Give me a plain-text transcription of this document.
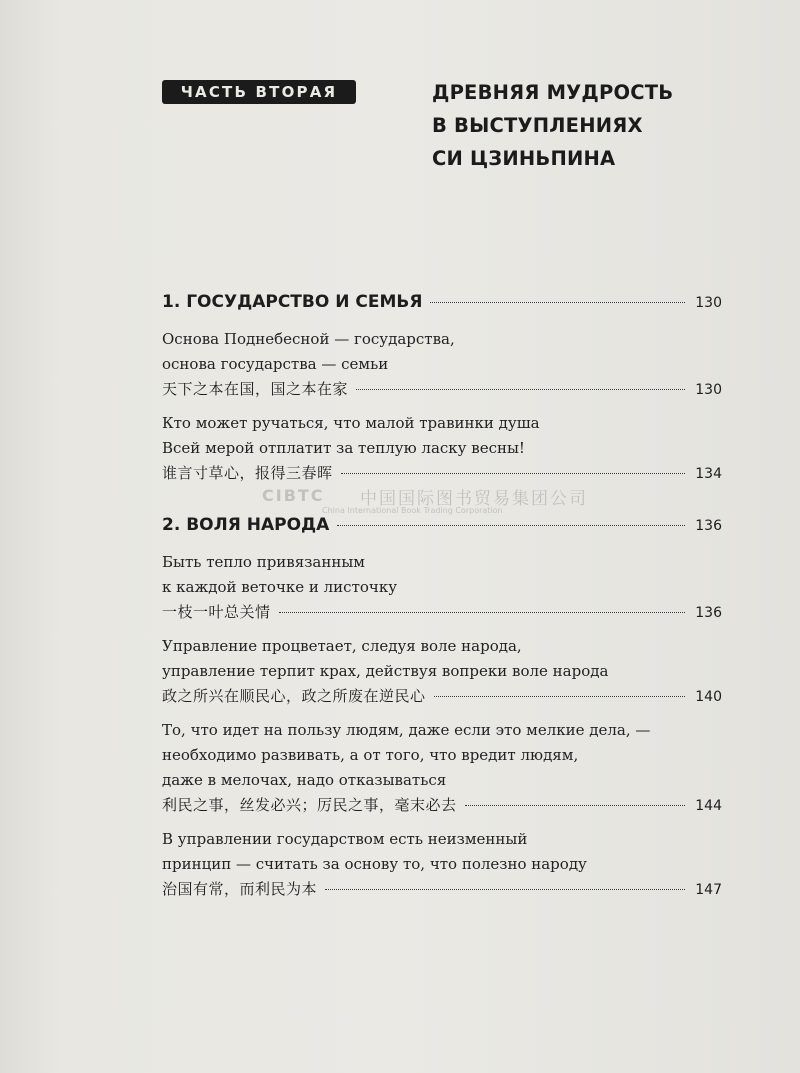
ЧАСТЬ ВТОРАЯ	ДРЕВНЯЯ МУДРОСТЬ
В ВЫСТУПЛЕНИЯХ
СИ ЦЗИНЬПИНА
1. ГОСУДАРСТВО И СЕМЬЯ	130
Основа Поднебесной — государства,
основа государства — семьи
天下之本在国，国之本在家	130
Кто может ручаться, что малой травинки душа
Всей мерой отплатит за теплую ласку весны!
谁言寸草心，报得三春晖	134
CIBTC 中国国际图书贸易集团公司
China International Book Trading Corporation
2. ВОЛЯ НАРОДА	136
Быть тепло привязанным
к каждой веточке и листочку
一枝一叶总关情	136
Управление процветает, следуя воле народа,
управление терпит крах, действуя вопреки воле народа
政之所兴在顺民心，政之所废在逆民心	140
То, что идет на пользу людям, даже если это мелкие дела, —
необходимо развивать, а от того, что вредит людям,
даже в мелочах, надо отказываться
利民之事，丝发必兴；厉民之事，毫末必去	144
В управлении государством есть неизменный
принцип — считать за основу то, что полезно народу
治国有常，而利民为本	147
